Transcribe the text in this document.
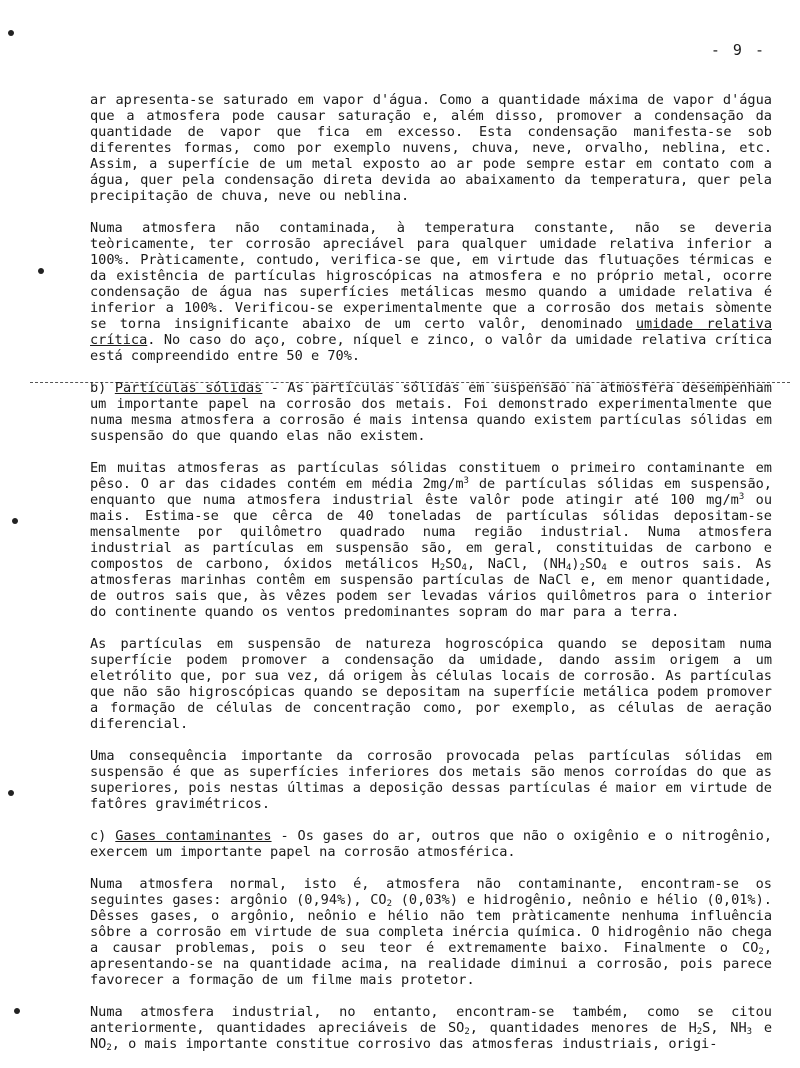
- 9 -

ar apresenta-se saturado em vapor d'água. Como a quantidade máxima de vapor d'água que a atmosfera pode causar saturação e, além disso, promover a condensação da quantidade de vapor que fica em excesso. Esta condensação manifesta-se sob diferentes formas, como por exemplo nuvens, chuva, neve, orvalho, neblina, etc. Assim, a superfície de um metal exposto ao ar pode sempre estar em contato com a água, quer pela condensação direta devida ao abaixamento da temperatura, quer pela precipitação de chuva, neve ou neblina.

Numa atmosfera não contaminada, à temperatura constante, não se deveria teòricamente, ter corrosão apreciável para qualquer umidade relativa inferior a 100%. Pràticamente, contudo, verifica-se que, em virtude das flutuações térmicas e da existência de partículas higroscópicas na atmosfera e no próprio metal, ocorre condensação de água nas superfícies metálicas mesmo quando a umidade relativa é inferior a 100%. Verificou-se experimentalmente que a corrosão dos metais sòmente se torna insignificante abaixo de um certo valôr, denominado umidade relativa crítica. No caso do aço, cobre, níquel e zinco, o valôr da umidade relativa crítica está compreendido entre 50 e 70%.

b) Partículas sólidas - As partículas sólidas em suspensão na atmosfera desempenham um importante papel na corrosão dos metais. Foi demonstrado experimentalmente que numa mesma atmosfera a corrosão é mais intensa quando existem partículas sólidas em suspensão do que quando elas não existem.

Em muitas atmosferas as partículas sólidas constituem o primeiro contaminante em pêso. O ar das cidades contém em média $2mg/m^3$ de partículas sólidas em suspensão, enquanto que numa atmosfera industrial êste valôr pode atingir até 100 $mg/m^3$ ou mais. Estima-se que cêrca de 40 toneladas de partículas sólidas depositam-se mensalmente por quilômetro quadrado numa região industrial. Numa atmosfera industrial as partículas em suspensão são, em geral, constituidas de carbono e compostos de carbono, óxidos metálicos $H_2SO_4$, NaCl, $(NH_4)_2SO_4$ e outros sais. As atmosferas marinhas contêm em suspensão partículas de NaCl e, em menor quantidade, de outros sais que, às vêzes podem ser levadas vários quilômetros para o interior do continente quando os ventos predominantes sopram do mar para a terra.

As partículas em suspensão de natureza hogroscópica quando se depositam numa superfície podem promover a condensação da umidade, dando assim origem a um eletrólito que, por sua vez, dá origem às células locais de corrosão. As partículas que não são higroscópicas quando se depositam na superfície metálica podem promover a formação de células de concentração como, por exemplo, as células de aeração diferencial.

Uma consequência importante da corrosão provocada pelas partículas sólidas em suspensão é que as superfícies inferiores dos metais são menos corroídas do que as superiores, pois nestas últimas a deposição dessas partículas é maior em virtude de fatôres gravimétricos.

c) Gases contaminantes - Os gases do ar, outros que não o oxigênio e o nitrogênio, exercem um importante papel na corrosão atmosférica.

Numa atmosfera normal, isto é, atmosfera não contaminante, encontram-se os seguintes gases: argônio (0,94%), $CO_2$ (0,03%) e hidrogênio, neônio e hélio (0,01%). Dêsses gases, o argônio, neônio e hélio não tem pràticamente nenhuma influência sôbre a corrosão em virtude de sua completa inércia química. O hidrogênio não chega a causar problemas, pois o seu teor é extremamente baixo. Finalmente o $CO_2$, apresentando-se na quantidade acima, na realidade diminui a corrosão, pois parece favorecer a formação de um filme mais protetor.

Numa atmosfera industrial, no entanto, encontram-se também, como se citou anteriormente, quantidades apreciáveis de $SO_2$, quantidades menores de $H_2S$, $NH_3$ e $NO_2$, o mais importante constitue corrosivo das atmosferas industriais, origi-
